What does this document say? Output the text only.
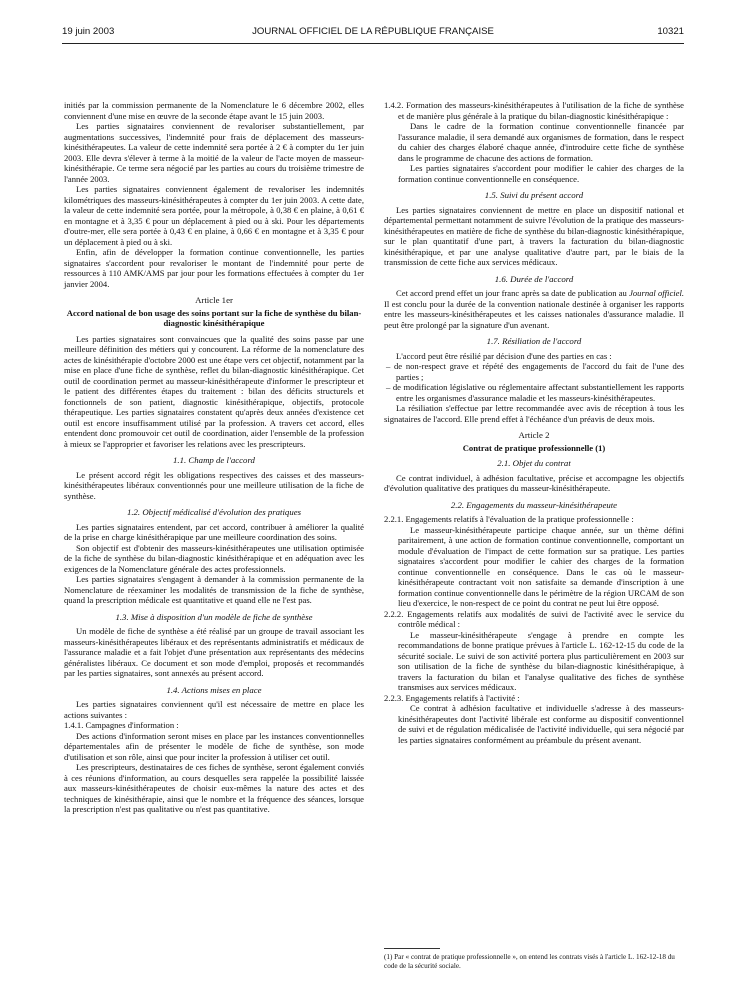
19 juin 2003	JOURNAL OFFICIEL DE LA RÉPUBLIQUE FRANÇAISE	10321

initiés par la commission permanente de la Nomenclature le 6 décembre 2002, elles conviennent d'une mise en œuvre de la seconde étape avant le 15 juin 2003.

Les parties signataires conviennent de revaloriser substantiellement, par augmentations successives, l'indemnité pour frais de déplacement des masseurs-kinésithérapeutes. La valeur de cette indemnité sera portée à 2 € à compter du 1er juin 2003. Elle devra s'élever à terme à la moitié de la valeur de l'acte moyen de masseur-kinésithérapie. Ce terme sera négocié par les parties au cours du troisième trimestre de l'année 2003.

Les parties signataires conviennent également de revaloriser les indemnités kilométriques des masseurs-kinésithérapeutes à compter du 1er juin 2003. A cette date, la valeur de cette indemnité sera portée, pour la métropole, à 0,38 € en plaine, à 0,61 € en montagne et à 3,35 € pour un déplacement à pied ou à ski. Pour les départements d'outre-mer, elle sera portée à 0,43 € en plaine, à 0,66 € en montagne et à 3,35 € pour un déplacement à pied ou à ski.

Enfin, afin de développer la formation continue conventionnelle, les parties signataires s'accordent pour revaloriser le montant de l'indemnité pour perte de ressources à 110 AMK/AMS par jour pour les formations effectuées à compter du 1er janvier 2004.

Article 1er
Accord national de bon usage des soins portant sur la fiche de synthèse du bilan-diagnostic kinésithérapique

Les parties signataires sont convaincues que la qualité des soins passe par une meilleure définition des métiers qui y concourent. La réforme de la nomenclature des actes de kinésithérapie d'octobre 2000 est une étape vers cet objectif, notamment par la mise en place d'une fiche de synthèse, reflet du bilan-diagnostic kinésithérapique. Cet outil de coordination permet au masseur-kinésithérapeute d'informer le prescripteur et le patient des différentes étapes du traitement : bilan des déficits structurels et fonctionnels de son patient, diagnostic kinésithérapique, objectifs, protocole thérapeutique. Les parties signataires constatent qu'après deux années d'existence cet outil est encore insuffisamment utilisé par la profession. A travers cet accord, elles entendent donc promouvoir cet outil de coordination, aider l'ensemble de la profession à mieux se l'approprier et favoriser les relations avec les prescripteurs.

1.1. Champ de l'accord

Le présent accord régit les obligations respectives des caisses et des masseurs-kinésithérapeutes libéraux conventionnés pour une meilleure utilisation de la fiche de synthèse.

1.2. Objectif médicalisé d'évolution des pratiques

Les parties signataires entendent, par cet accord, contribuer à améliorer la qualité de la prise en charge kinésithérapique par une meilleure coordination des soins.

Son objectif est d'obtenir des masseurs-kinésithérapeutes une utilisation optimisée de la fiche de synthèse du bilan-diagnostic kinésithérapique et en adéquation avec les exigences de la Nomenclature générale des actes professionnels.

Les parties signataires s'engagent à demander à la commission permanente de la Nomenclature de réexaminer les modalités de transmission de la fiche de synthèse, quand la prescription médicale est quantitative et quand elle ne l'est pas.

1.3. Mise à disposition d'un modèle de fiche de synthèse

Un modèle de fiche de synthèse a été réalisé par un groupe de travail associant les masseurs-kinésithérapeutes libéraux et des représentants administratifs et médicaux de l'assurance maladie et a fait l'objet d'une présentation aux représentants des médecins généralistes libéraux. Ce document et son mode d'emploi, proposés et recommandés par les parties signataires, sont annexés au présent accord.

1.4. Actions mises en place

Les parties signataires conviennent qu'il est nécessaire de mettre en place les actions suivantes :

1.4.1. Campagnes d'information :

Des actions d'information seront mises en place par les instances conventionnelles départementales afin de présenter le modèle de fiche de synthèse, son mode d'utilisation et son rôle, ainsi que pour inciter la profession à utiliser cet outil.

Les prescripteurs, destinataires de ces fiches de synthèse, seront également conviés à ces réunions d'information, au cours desquelles sera rappelée la possibilité laissée aux masseurs-kinésithérapeutes de choisir eux-mêmes la nature des actes et des techniques de kinésithérapie, ainsi que le nombre et la fréquence des séances, lorsque la prescription n'est pas qualitative ou n'est pas quantitative.

1.4.2. Formation des masseurs-kinésithérapeutes à l'utilisation de la fiche de synthèse et de manière plus générale à la pratique du bilan-diagnostic kinésithérapique :

Dans le cadre de la formation continue conventionnelle financée par l'assurance maladie, il sera demandé aux organismes de formation, dans le respect du cahier des charges élaboré chaque année, d'introduire cette fiche de synthèse dans le programme de chacune des actions de formation.

Les parties signataires s'accordent pour modifier le cahier des charges de la formation continue conventionnelle en conséquence.

1.5. Suivi du présent accord

Les parties signataires conviennent de mettre en place un dispositif national et départemental permettant notamment de suivre l'évolution de la pratique des masseurs-kinésithérapeutes en matière de fiche de synthèse du bilan-diagnostic kinésithérapique, sur le plan quantitatif d'une part, à travers la facturation du bilan-diagnostic kinésithérapique, et par une analyse qualitative d'autre part, par le biais de la transmission de cette fiche aux services médicaux.

1.6. Durée de l'accord

Cet accord prend effet un jour franc après sa date de publication au Journal officiel. Il est conclu pour la durée de la convention nationale destinée à organiser les rapports entre les masseurs-kinésithérapeutes et les caisses nationales d'assurance maladie. Il peut être prolongé par la signature d'un avenant.

1.7. Résiliation de l'accord

L'accord peut être résilié par décision d'une des parties en cas :

– de non-respect grave et répété des engagements de l'accord du fait de l'une des parties ;
– de modification législative ou réglementaire affectant substantiellement les rapports entre les organismes d'assurance maladie et les masseurs-kinésithérapeutes.

La résiliation s'effectue par lettre recommandée avec avis de réception à tous les signataires de l'accord. Elle prend effet à l'échéance d'un préavis de deux mois.

Article 2
Contrat de pratique professionnelle (1)
2.1. Objet du contrat

Ce contrat individuel, à adhésion facultative, précise et accompagne les objectifs d'évolution qualitative des pratiques du masseur-kinésithérapeute.

2.2. Engagements du masseur-kinésithérapeute

2.2.1. Engagements relatifs à l'évaluation de la pratique professionnelle :

Le masseur-kinésithérapeute participe chaque année, sur un thème défini paritairement, à une action de formation continue conventionnelle, comportant un module d'évaluation de l'impact de cette formation sur sa pratique. Les parties signataires s'accordent pour modifier le cahier des charges de la formation continue conventionnelle en conséquence. Dans le cas où le masseur-kinésithérapeute contractant voit non satisfaite sa demande d'inscription à une formation continue conventionnelle dans le périmètre de la région URCAM de son lieu d'exercice, le non-respect de ce point du contrat ne peut lui être opposé.

2.2.2. Engagements relatifs aux modalités de suivi de l'activité avec le service du contrôle médical :

Le masseur-kinésithérapeute s'engage à prendre en compte les recommandations de bonne pratique prévues à l'article L. 162-12-15 du code de la sécurité sociale. Le suivi de son activité portera plus particulièrement en 2003 sur son utilisation de la fiche de synthèse du bilan-diagnostic kinésithérapique, à travers la facturation du bilan et l'analyse qualitative des fiches de synthèse transmises aux services médicaux.

2.2.3. Engagements relatifs à l'activité :

Ce contrat à adhésion facultative et individuelle s'adresse à des masseurs-kinésithérapeutes dont l'activité libérale est conforme au dispositif conventionnel de suivi et de régulation médicalisée de l'activité individuelle, qui sera négocié par les parties signataires conformément au préambule du présent avenant.

(1) Par « contrat de pratique professionnelle », on entend les contrats visés à l'article L. 162-12-18 du code de la sécurité sociale.
